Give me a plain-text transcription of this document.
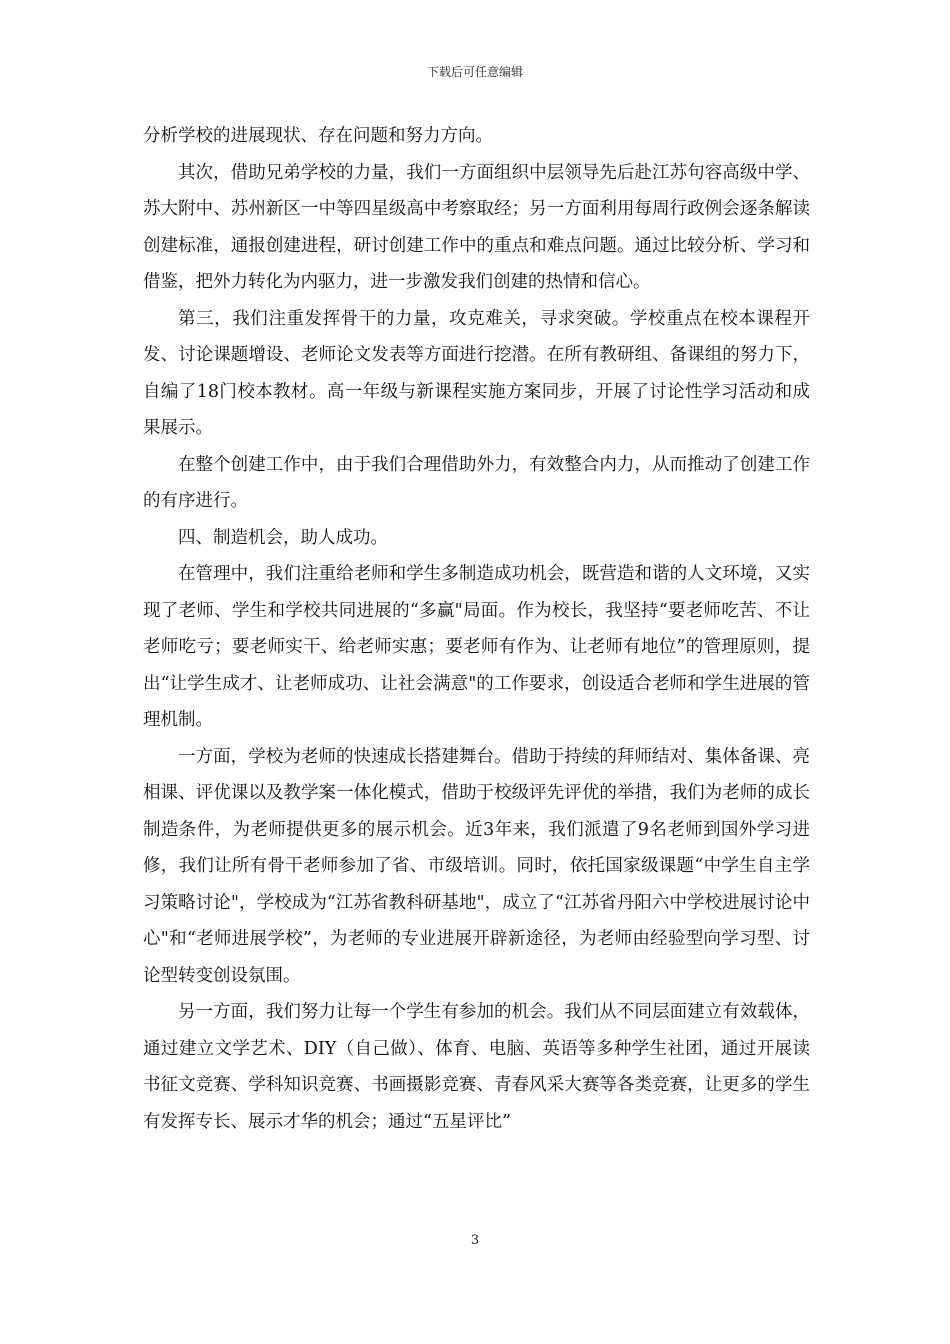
下载后可任意编辑

分析学校的进展现状、存在问题和努力方向。

其次，借助兄弟学校的力量，我们一方面组织中层领导先后赴江苏句容高级中学、苏大附中、苏州新区一中等四星级高中考察取经；另一方面利用每周行政例会逐条解读创建标准，通报创建进程，研讨创建工作中的重点和难点问题。通过比较分析、学习和借鉴，把外力转化为内驱力，进一步激发我们创建的热情和信心。

第三，我们注重发挥骨干的力量，攻克难关，寻求突破。学校重点在校本课程开发、讨论课题增设、老师论文发表等方面进行挖潜。在所有教研组、备课组的努力下，自编了18门校本教材。高一年级与新课程实施方案同步，开展了讨论性学习活动和成果展示。

在整个创建工作中，由于我们合理借助外力，有效整合内力，从而推动了创建工作的有序进行。

四、制造机会，助人成功。

在管理中，我们注重给老师和学生多制造成功机会，既营造和谐的人文环境，又实现了老师、学生和学校共同进展的“多赢"局面。作为校长，我坚持“要老师吃苦、不让老师吃亏；要老师实干、给老师实惠；要老师有作为、让老师有地位”的管理原则，提出“让学生成才、让老师成功、让社会满意"的工作要求，创设适合老师和学生进展的管理机制。

一方面，学校为老师的快速成长搭建舞台。借助于持续的拜师结对、集体备课、亮相课、评优课以及教学案一体化模式，借助于校级评先评优的举措，我们为老师的成长制造条件，为老师提供更多的展示机会。近3年来，我们派遣了9名老师到国外学习进修，我们让所有骨干老师参加了省、市级培训。同时，依托国家级课题“中学生自主学习策略讨论"，学校成为“江苏省教科研基地"，成立了“江苏省丹阳六中学校进展讨论中心"和“老师进展学校”，为老师的专业进展开辟新途径，为老师由经验型向学习型、讨论型转变创设氛围。

另一方面，我们努力让每一个学生有参加的机会。我们从不同层面建立有效载体，通过建立文学艺术、DIY（自己做）、体育、电脑、英语等多种学生社团，通过开展读书征文竞赛、学科知识竞赛、书画摄影竞赛、青春风采大赛等各类竞赛，让更多的学生有发挥专长、展示才华的机会；通过“五星评比”

3
